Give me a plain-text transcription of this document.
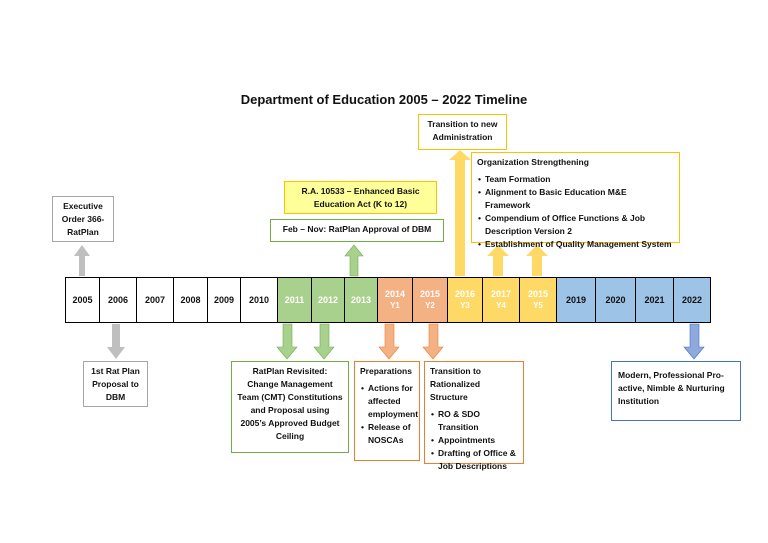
Department of Education 2005 – 2022 Timeline
2005 2006 2007 2008 2009 2010 2011 2012 2013
2014
Y1
2015
Y2
2016
Y3
2017
Y4
2015
Y5
2019 2020 2021 2022
Executive Order 366-RatPlan
1st Rat Plan Proposal to DBM
R.A. 10533 – Enhanced Basic Education Act (K to 12)
Feb – Nov: RatPlan Approval of DBM
RatPlan Revisited: Change Management Team (CMT) Constitutions and Proposal using 2005’s Approved Budget Ceiling
Preparations
• Actions for affected employment
• Release of NOSCAs
Transition to Rationalized Structure
• RO & SDO Transition
• Appointments
• Drafting of Office & Job Descriptions
Transition to new Administration
Organization Strengthening
• Team Formation
• Alignment to Basic Education M&E Framework
• Compendium of Office Functions & Job Description Version 2
• Establishment of Quality Management System
Modern, Professional Pro-active, Nimble & Nurturing Institution
